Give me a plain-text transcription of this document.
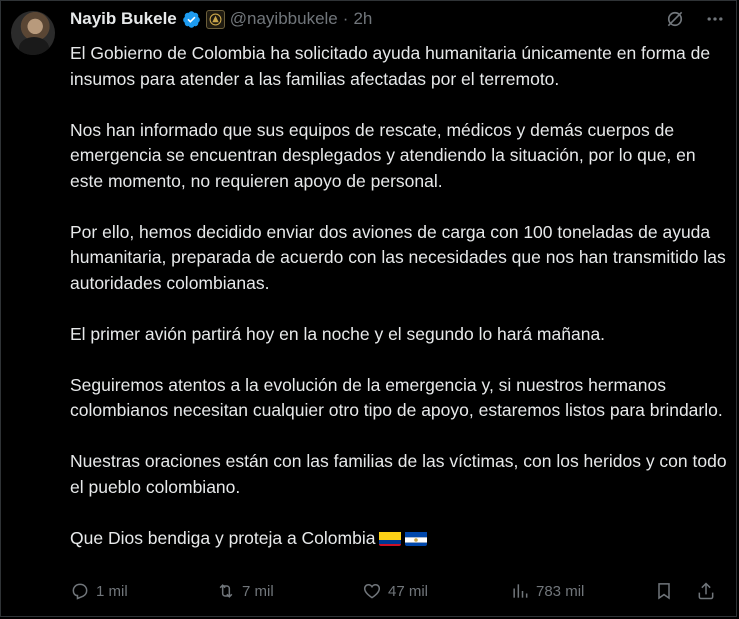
Nayib Bukele	@nayibbukele · 2h

El Gobierno de Colombia ha solicitado ayuda humanitaria únicamente en forma de insumos para atender a las familias afectadas por el terremoto.

Nos han informado que sus equipos de rescate, médicos y demás cuerpos de emergencia se encuentran desplegados y atendiendo la situación, por lo que, en este momento, no requieren apoyo de personal.

Por ello, hemos decidido enviar dos aviones de carga con 100 toneladas de ayuda humanitaria, preparada de acuerdo con las necesidades que nos han transmitido las autoridades colombianas.

El primer avión partirá hoy en la noche y el segundo lo hará mañana.

Seguiremos atentos a la evolución de la emergencia y, si nuestros hermanos colombianos necesitan cualquier otro tipo de apoyo, estaremos listos para brindarlo.

Nuestras oraciones están con las familias de las víctimas, con los heridos y con todo el pueblo colombiano.

Que Dios bendiga y proteja a Colombia

1 mil	7 mil	47 mil	783 mil
